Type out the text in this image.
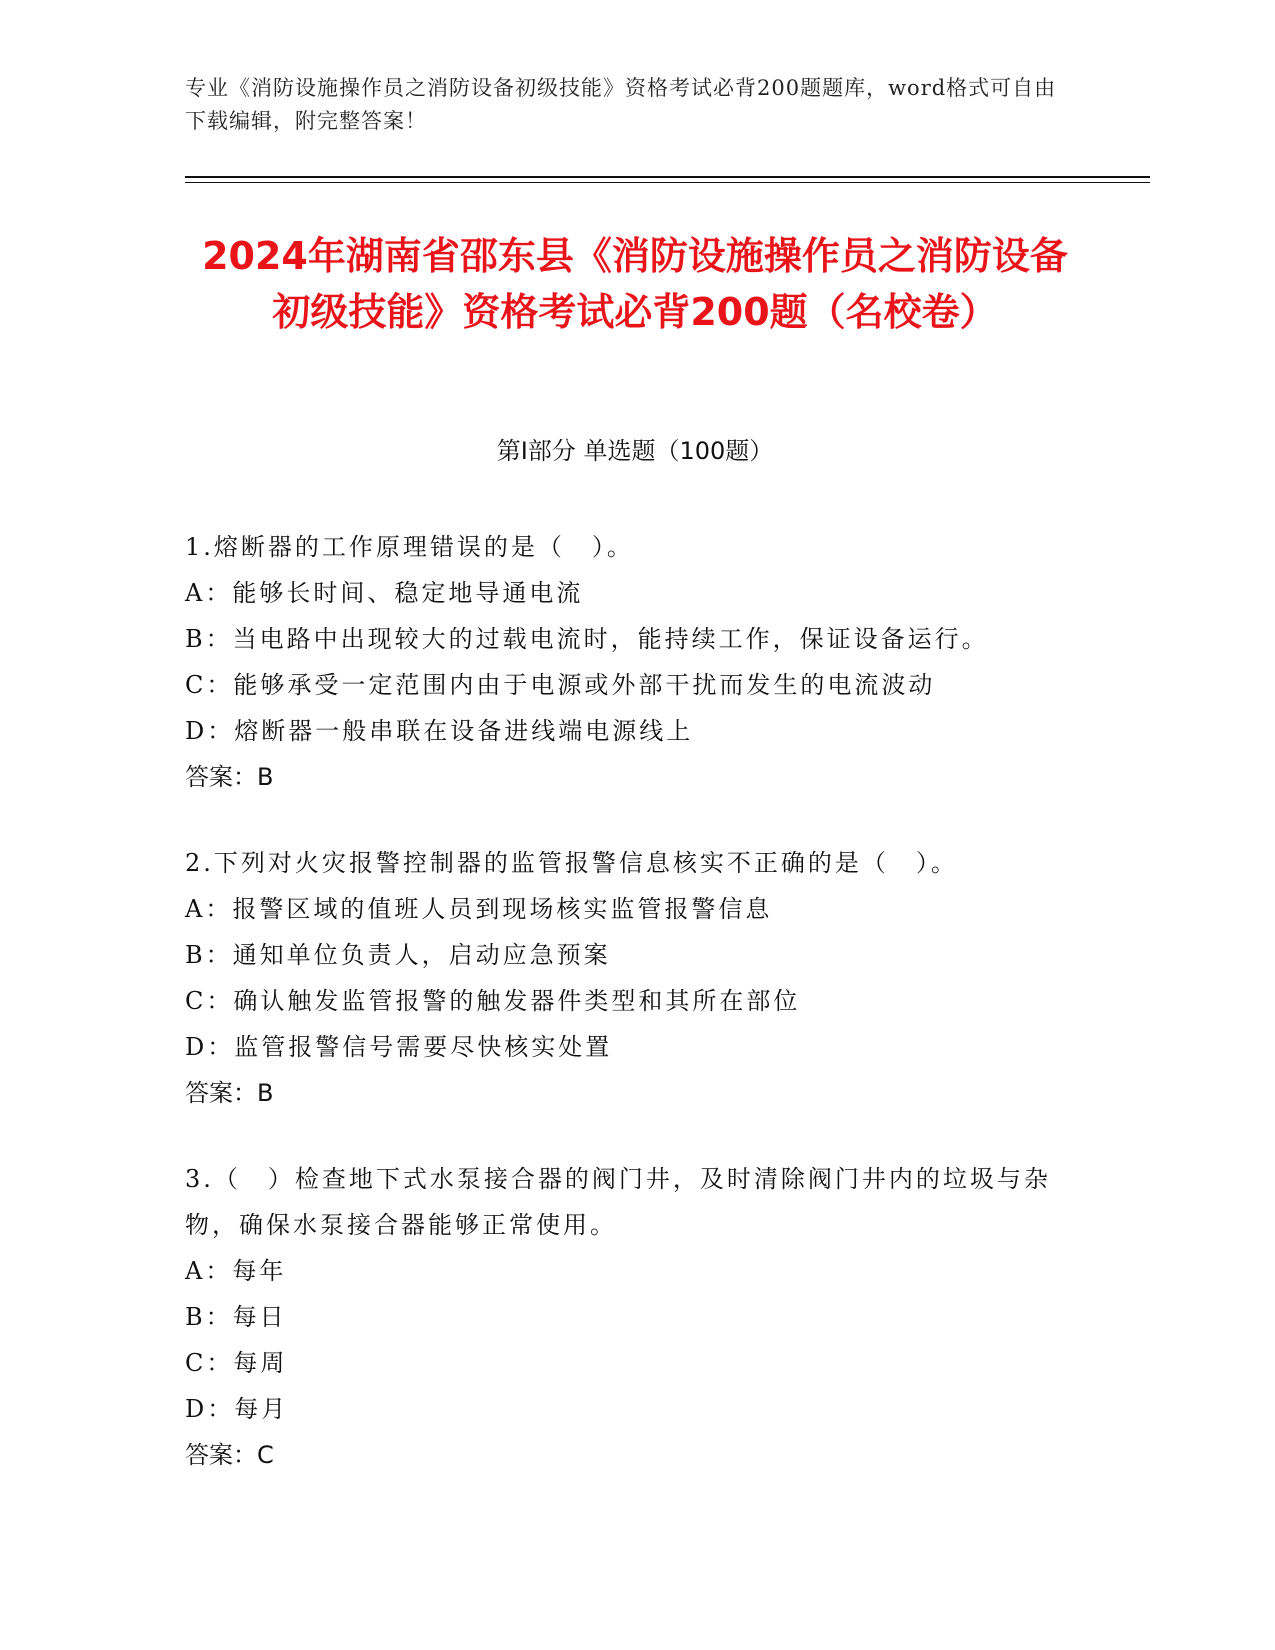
专业《消防设施操作员之消防设备初级技能》资格考试必背200题题库，word格式可自由下载编辑，附完整答案！
2024年湖南省邵东县《消防设施操作员之消防设备初级技能》资格考试必背200题（名校卷）
第I部分 单选题（100题）
1.熔断器的工作原理错误的是（　）。
A：能够长时间、稳定地导通电流
B：当电路中出现较大的过载电流时，能持续工作，保证设备运行。
C：能够承受一定范围内由于电源或外部干扰而发生的电流波动
D：熔断器一般串联在设备进线端电源线上
答案：B
2.下列对火灾报警控制器的监管报警信息核实不正确的是（　）。
A：报警区域的值班人员到现场核实监管报警信息
B：通知单位负责人，启动应急预案
C：确认触发监管报警的触发器件类型和其所在部位
D：监管报警信号需要尽快核实处置
答案：B
3.（　）检查地下式水泵接合器的阀门井，及时清除阀门井内的垃圾与杂物，确保水泵接合器能够正常使用。
A：每年
B：每日
C：每周
D：每月
答案：C
